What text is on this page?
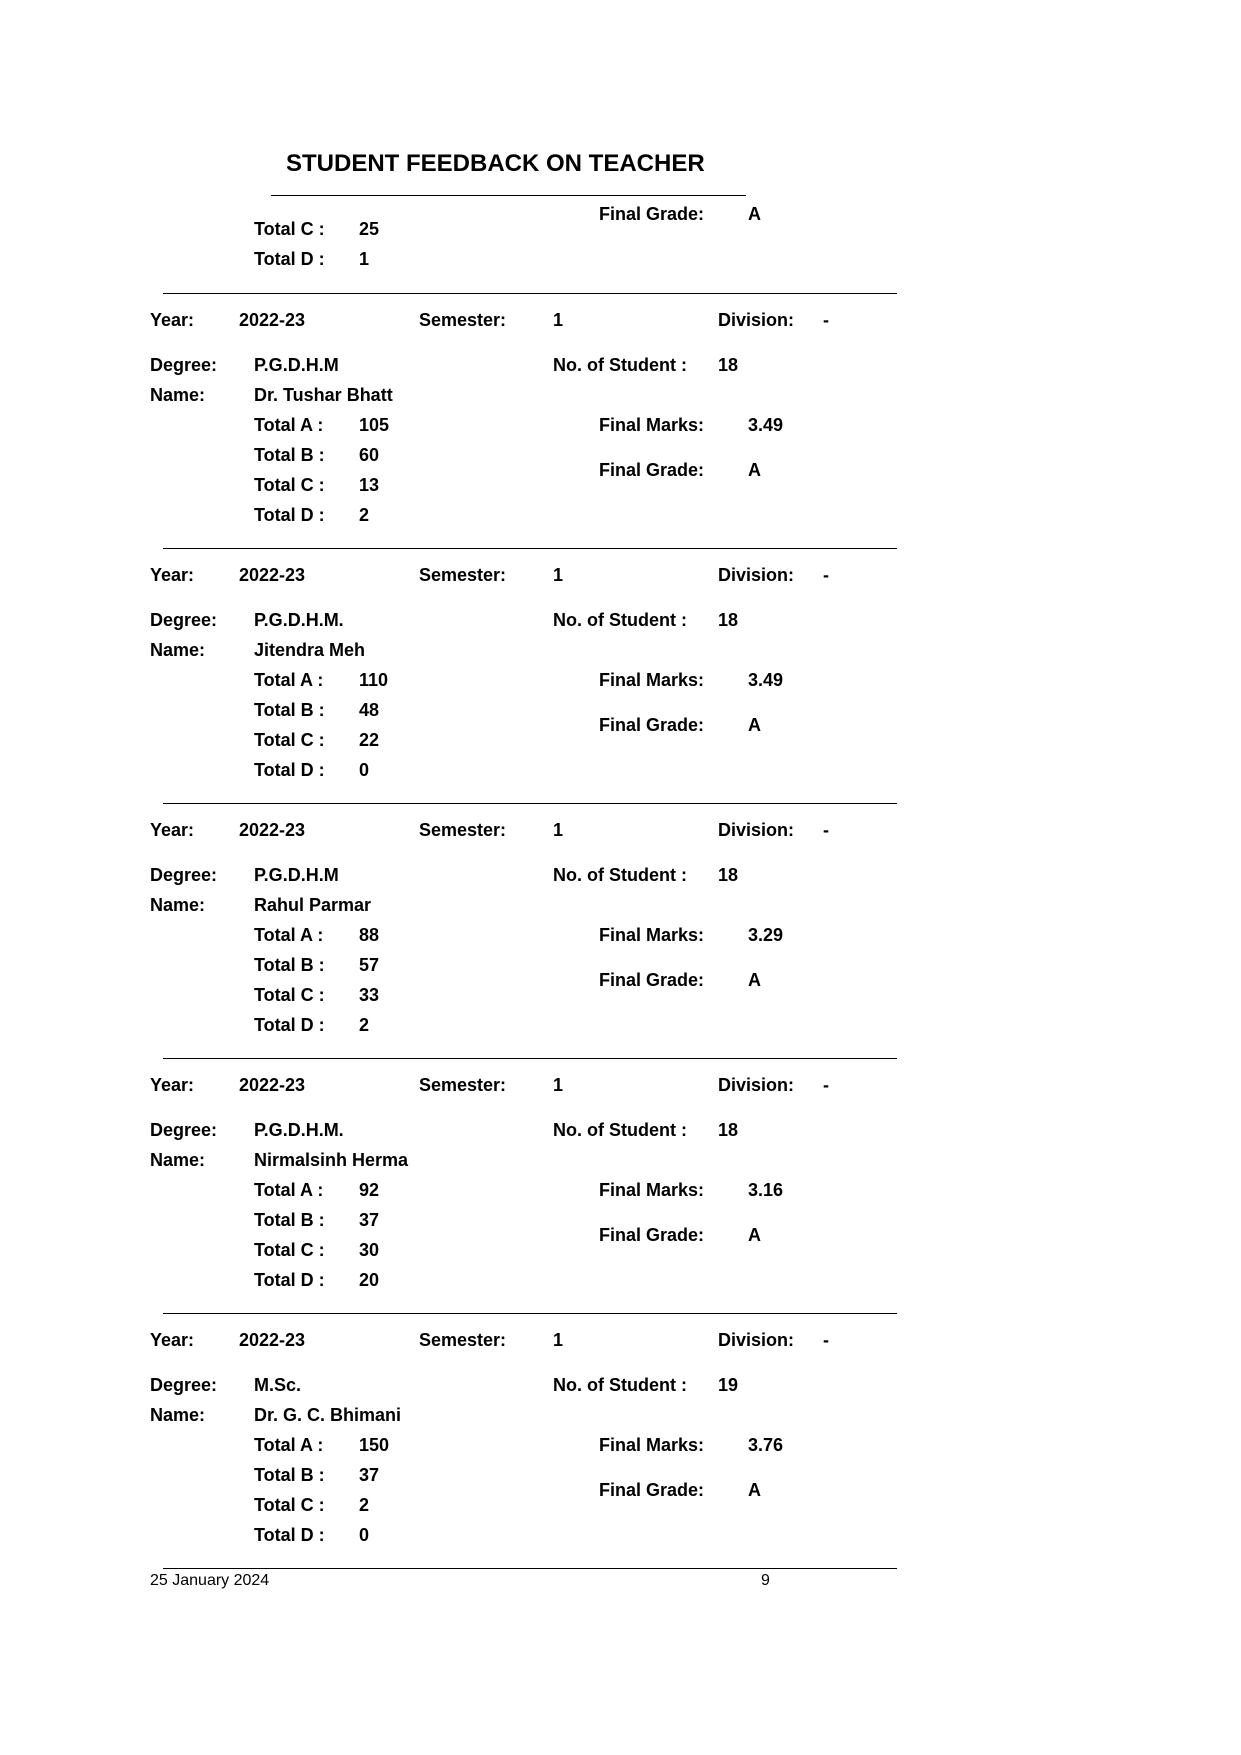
STUDENT FEEDBACK ON TEACHER
Final Grade: A
Total C : 25
Total D : 1
Year: 2022-23	Semester:	1	Division: -
Degree: P.G.D.H.M	No. of Student : 18
Name:	Dr. Tushar Bhatt
Total A : 105	Final Marks: 3.49
Total B : 60
Final Grade: A
Total C : 13
Total D : 2
Year: 2022-23	Semester:	1	Division: -
Degree: P.G.D.H.M.	No. of Student : 18
Name:	Jitendra Meh
Total A : 110	Final Marks: 3.49
Total B : 48
Final Grade: A
Total C : 22
Total D : 0
Year: 2022-23	Semester:	1	Division: -
Degree: P.G.D.H.M	No. of Student : 18
Name:	Rahul Parmar
Total A : 88	Final Marks: 3.29
Total B : 57
Final Grade: A
Total C : 33
Total D : 2
Year: 2022-23	Semester:	1	Division: -
Degree: P.G.D.H.M.	No. of Student : 18
Name:	Nirmalsinh Herma
Total A : 92	Final Marks: 3.16
Total B : 37
Final Grade: A
Total C : 30
Total D : 20
Year: 2022-23	Semester:	1	Division: -
Degree: M.Sc.	No. of Student : 19
Name:	Dr. G. C. Bhimani
Total A : 150	Final Marks: 3.76
Total B : 37
Final Grade: A
Total C : 2
Total D : 0
25 January 2024	9
